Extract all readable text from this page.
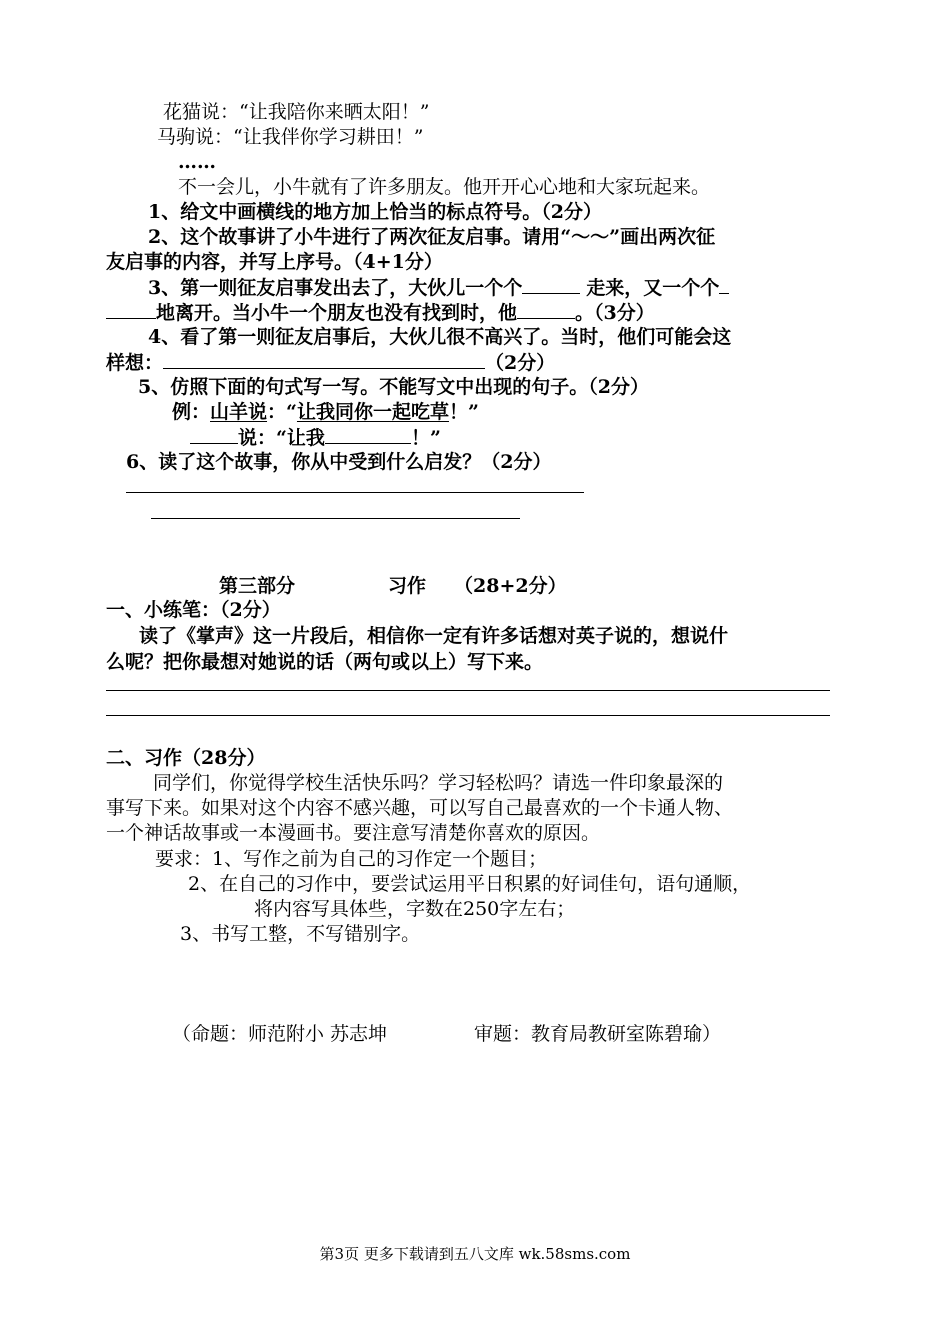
花猫说：“让我陪你来晒太阳！”
马驹说：“让我伴你学习耕田！”
……
不一会儿，小牛就有了许多朋友。他开开心心地和大家玩起来。
1、给文中画横线的地方加上恰当的标点符号。（2分）
2、这个故事讲了小牛进行了两次征友启事。请用“～～”画出两次征
友启事的内容，并写上序号。（4+1分）
3、第一则征友启事发出去了，大伙儿一个个	走来，又一个个
地离开。当小牛一个朋友也没有找到时，他	。（3分）
4、看了第一则征友启事后，大伙儿很不高兴了。当时，他们可能会这
样想：	（2分）
5、仿照下面的句式写一写。不能写文中出现的句子。（2分）
例：山羊说：“让我同你一起吃草！”
说：“让我	！”
6、读了这个故事，你从中受到什么启发？（2分）
第三部分	习作 （28+2分）
一、小练笔：（2分）
读了《掌声》这一片段后，相信你一定有许多话想对英子说的，想说什
么呢？把你最想对她说的话（两句或以上）写下来。
二、习作（28分）
同学们，你觉得学校生活快乐吗？学习轻松吗？请选一件印象最深的
事写下来。如果对这个内容不感兴趣，可以写自己最喜欢的一个卡通人物、
一个神话故事或一本漫画书。要注意写清楚你喜欢的原因。
要求：1、写作之前为自己的习作定一个题目；
2、在自己的习作中，要尝试运用平日积累的好词佳句，语句通顺，
将内容写具体些，字数在250字左右；
3、书写工整，不写错别字。
（命题：师范附小 苏志坤	审题：教育局教研室陈碧瑜）
第3页 更多下载请到五八文库 wk.58sms.com
